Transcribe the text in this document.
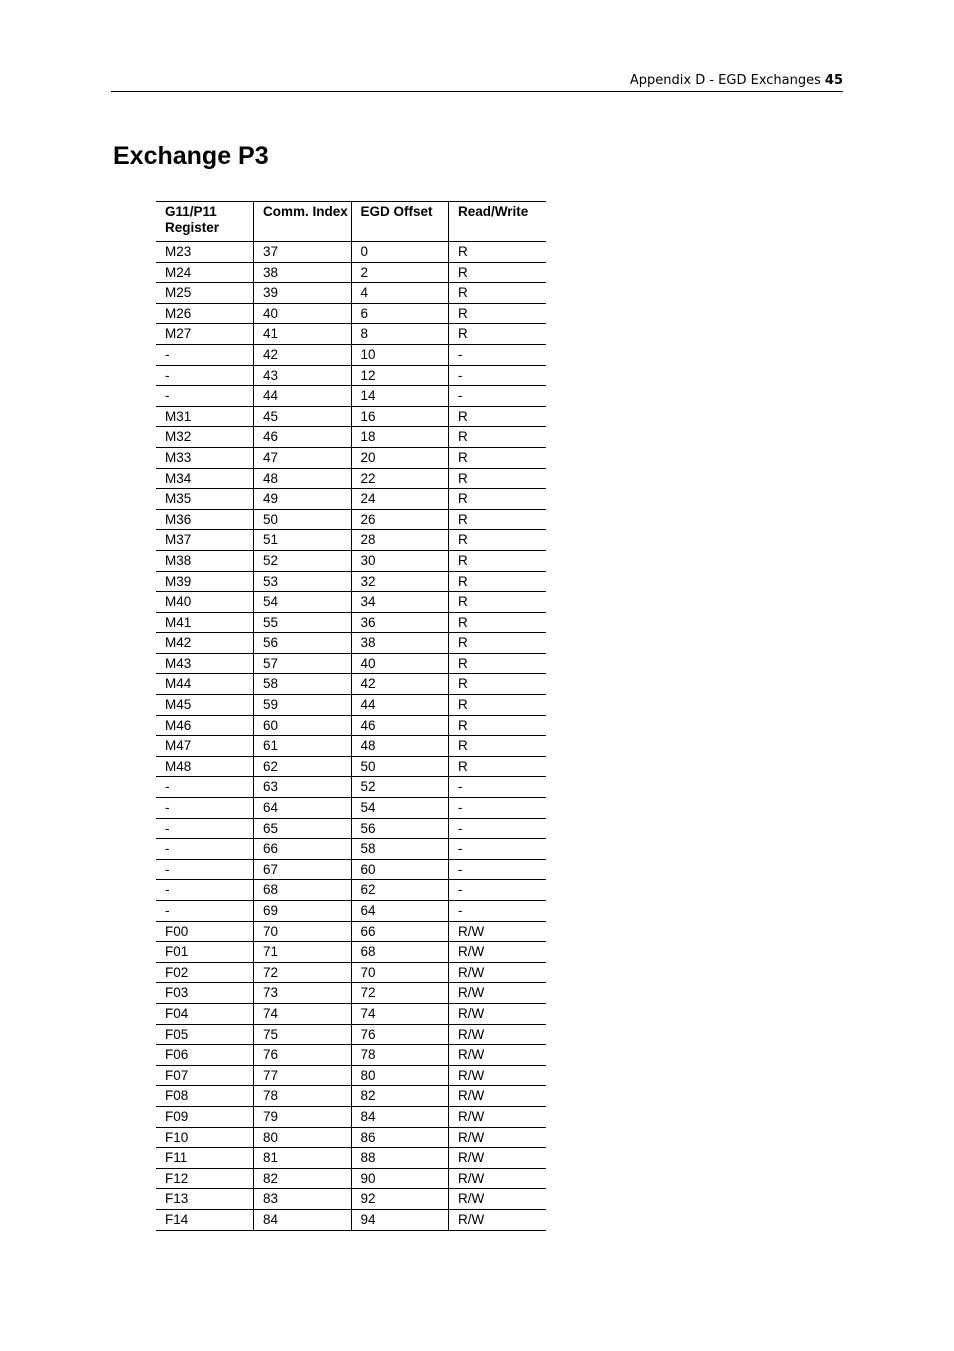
Appendix D - EGD Exchanges 45
Exchange P3
G11/P11 Register	Comm. Index	EGD Offset	Read/Write
M23	37	0	R
M24	38	2	R
M25	39	4	R
M26	40	6	R
M27	41	8	R
-	42	10	-
-	43	12	-
-	44	14	-
M31	45	16	R
M32	46	18	R
M33	47	20	R
M34	48	22	R
M35	49	24	R
M36	50	26	R
M37	51	28	R
M38	52	30	R
M39	53	32	R
M40	54	34	R
M41	55	36	R
M42	56	38	R
M43	57	40	R
M44	58	42	R
M45	59	44	R
M46	60	46	R
M47	61	48	R
M48	62	50	R
-	63	52	-
-	64	54	-
-	65	56	-
-	66	58	-
-	67	60	-
-	68	62	-
-	69	64	-
F00	70	66	R/W
F01	71	68	R/W
F02	72	70	R/W
F03	73	72	R/W
F04	74	74	R/W
F05	75	76	R/W
F06	76	78	R/W
F07	77	80	R/W
F08	78	82	R/W
F09	79	84	R/W
F10	80	86	R/W
F11	81	88	R/W
F12	82	90	R/W
F13	83	92	R/W
F14	84	94	R/W
